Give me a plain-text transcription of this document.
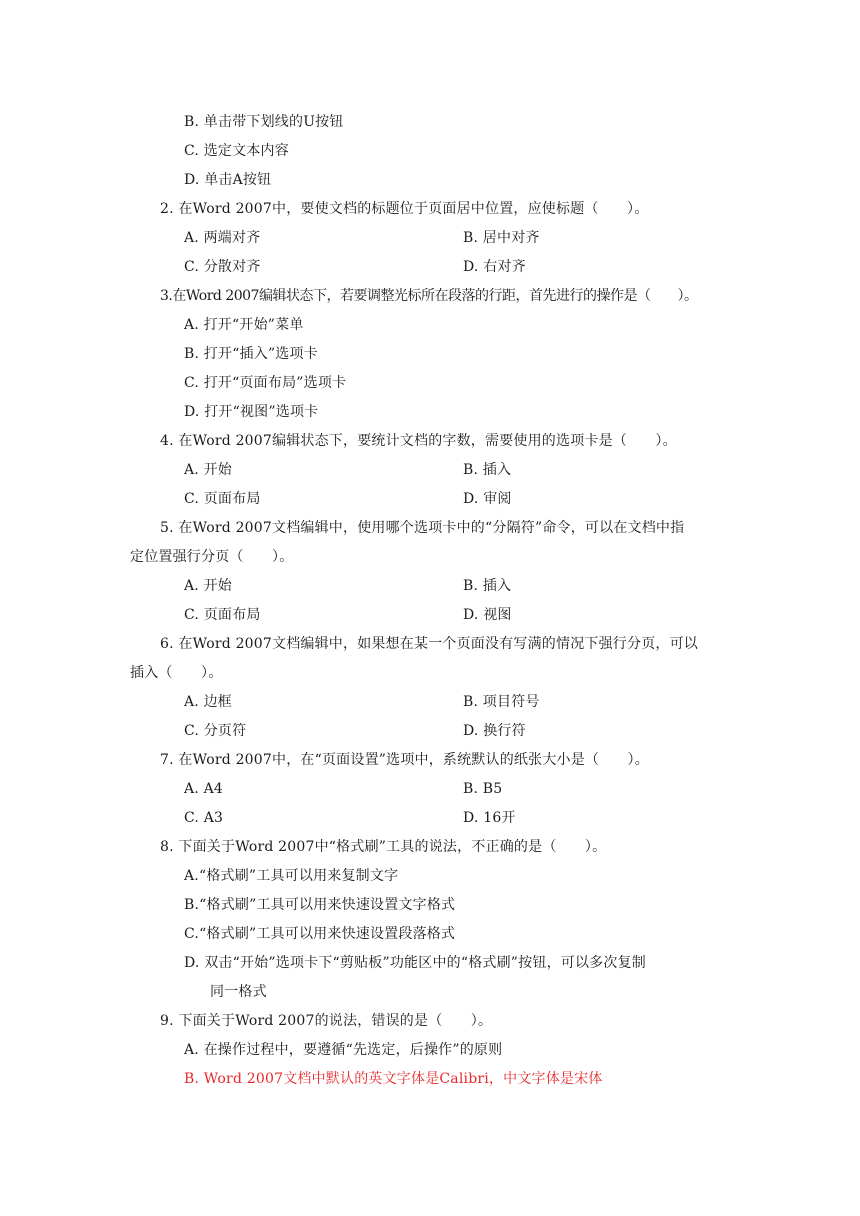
B. 单击带下划线的U按钮
C. 选定文本内容
D. 单击A按钮
2. 在Word 2007中，要使文档的标题位于页面居中位置，应使标题（　　）。
A. 两端对齐	B. 居中对齐
C. 分散对齐	D. 右对齐
3.在Word 2007编辑状态下，若要调整光标所在段落的行距，首先进行的操作是（　　）。
A. 打开“开始”菜单
B. 打开“插入”选项卡
C. 打开“页面布局”选项卡
D. 打开“视图”选项卡
4. 在Word 2007编辑状态下，要统计文档的字数，需要使用的选项卡是（　　）。
A. 开始	B. 插入
C. 页面布局	D. 审阅
5. 在Word 2007文档编辑中，使用哪个选项卡中的“分隔符”命令，可以在文档中指
定位置强行分页（　　）。
A. 开始	B. 插入
C. 页面布局	D. 视图
6. 在Word 2007文档编辑中，如果想在某一个页面没有写满的情况下强行分页，可以
插入（　　）。
A. 边框	B. 项目符号
C. 分页符	D. 换行符
7. 在Word 2007中，在“页面设置”选项中，系统默认的纸张大小是（　　）。
A. A4	B. B5
C. A3	D. 16开
8. 下面关于Word 2007中“格式刷”工具的说法，不正确的是（　　）。
A.“格式刷”工具可以用来复制文字
B.“格式刷”工具可以用来快速设置文字格式
C.“格式刷”工具可以用来快速设置段落格式
D. 双击“开始”选项卡下“剪贴板”功能区中的“格式刷”按钮，可以多次复制
同一格式
9. 下面关于Word 2007的说法，错误的是（　　）。
A. 在操作过程中，要遵循“先选定，后操作”的原则
B. Word 2007文档中默认的英文字体是Calibri，中文字体是宋体
